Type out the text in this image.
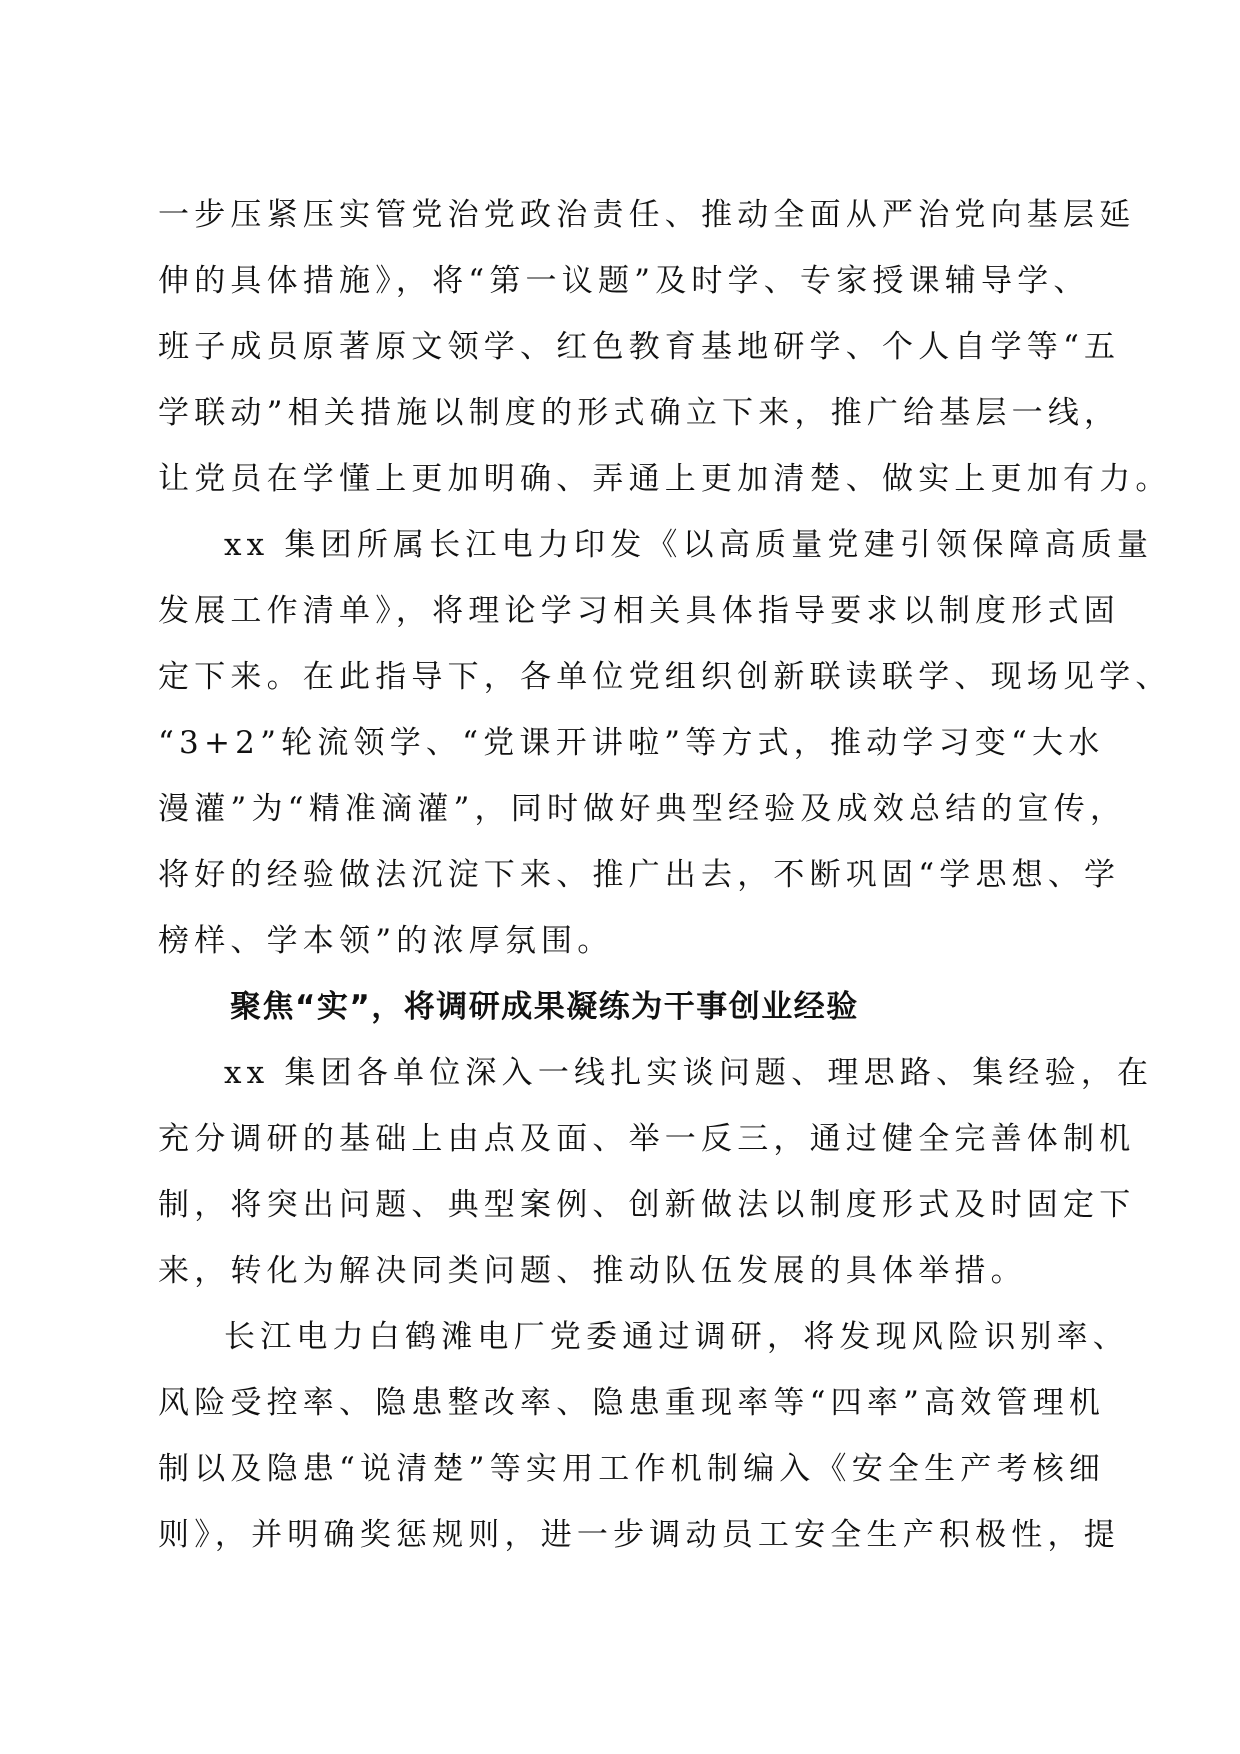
一步压紧压实管党治党政治责任、推动全面从严治党向基层延
伸的具体措施》，将“第一议题”及时学、专家授课辅导学、
班子成员原著原文领学、红色教育基地研学、个人自学等“五
学联动”相关措施以制度的形式确立下来，推广给基层一线，
让党员在学懂上更加明确、弄通上更加清楚、做实上更加有力。
xx 集团所属长江电力印发《以高质量党建引领保障高质量
发展工作清单》，将理论学习相关具体指导要求以制度形式固
定下来。在此指导下，各单位党组织创新联读联学、现场见学、
“3+2”轮流领学、“党课开讲啦”等方式，推动学习变“大水
漫灌”为“精准滴灌”，同时做好典型经验及成效总结的宣传，
将好的经验做法沉淀下来、推广出去，不断巩固“学思想、学
榜样、学本领”的浓厚氛围。
聚焦“实”，将调研成果凝练为干事创业经验
xx 集团各单位深入一线扎实谈问题、理思路、集经验，在
充分调研的基础上由点及面、举一反三，通过健全完善体制机
制，将突出问题、典型案例、创新做法以制度形式及时固定下
来，转化为解决同类问题、推动队伍发展的具体举措。
长江电力白鹤滩电厂党委通过调研，将发现风险识别率、
风险受控率、隐患整改率、隐患重现率等“四率”高效管理机
制以及隐患“说清楚”等实用工作机制编入《安全生产考核细
则》，并明确奖惩规则，进一步调动员工安全生产积极性，提
